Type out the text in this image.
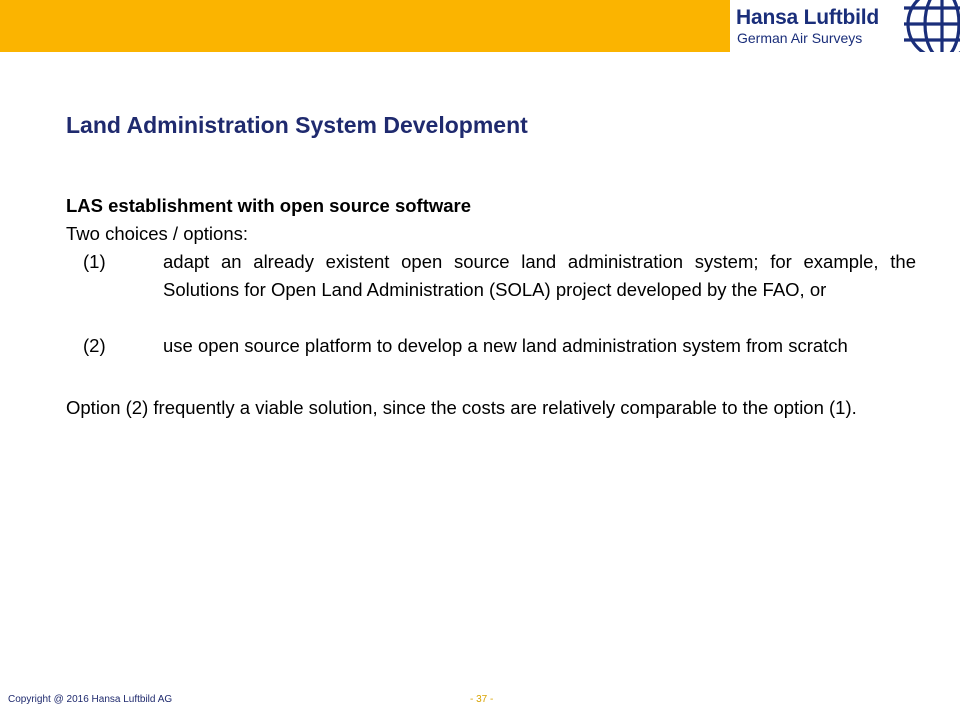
Hansa Luftbild
German Air Surveys
Land Administration System Development
LAS establishment with open source software
Two choices / options:
(1)	adapt an already existent open source land administration system; for example, the Solutions for Open Land Administration (SOLA) project developed by the FAO, or
(2)	use open source platform to develop a new land administration system from scratch
Option (2) frequently a viable solution, since the costs are relatively comparable to the option (1).
Copyright @ 2016 Hansa Luftbild AG	- 37 -
